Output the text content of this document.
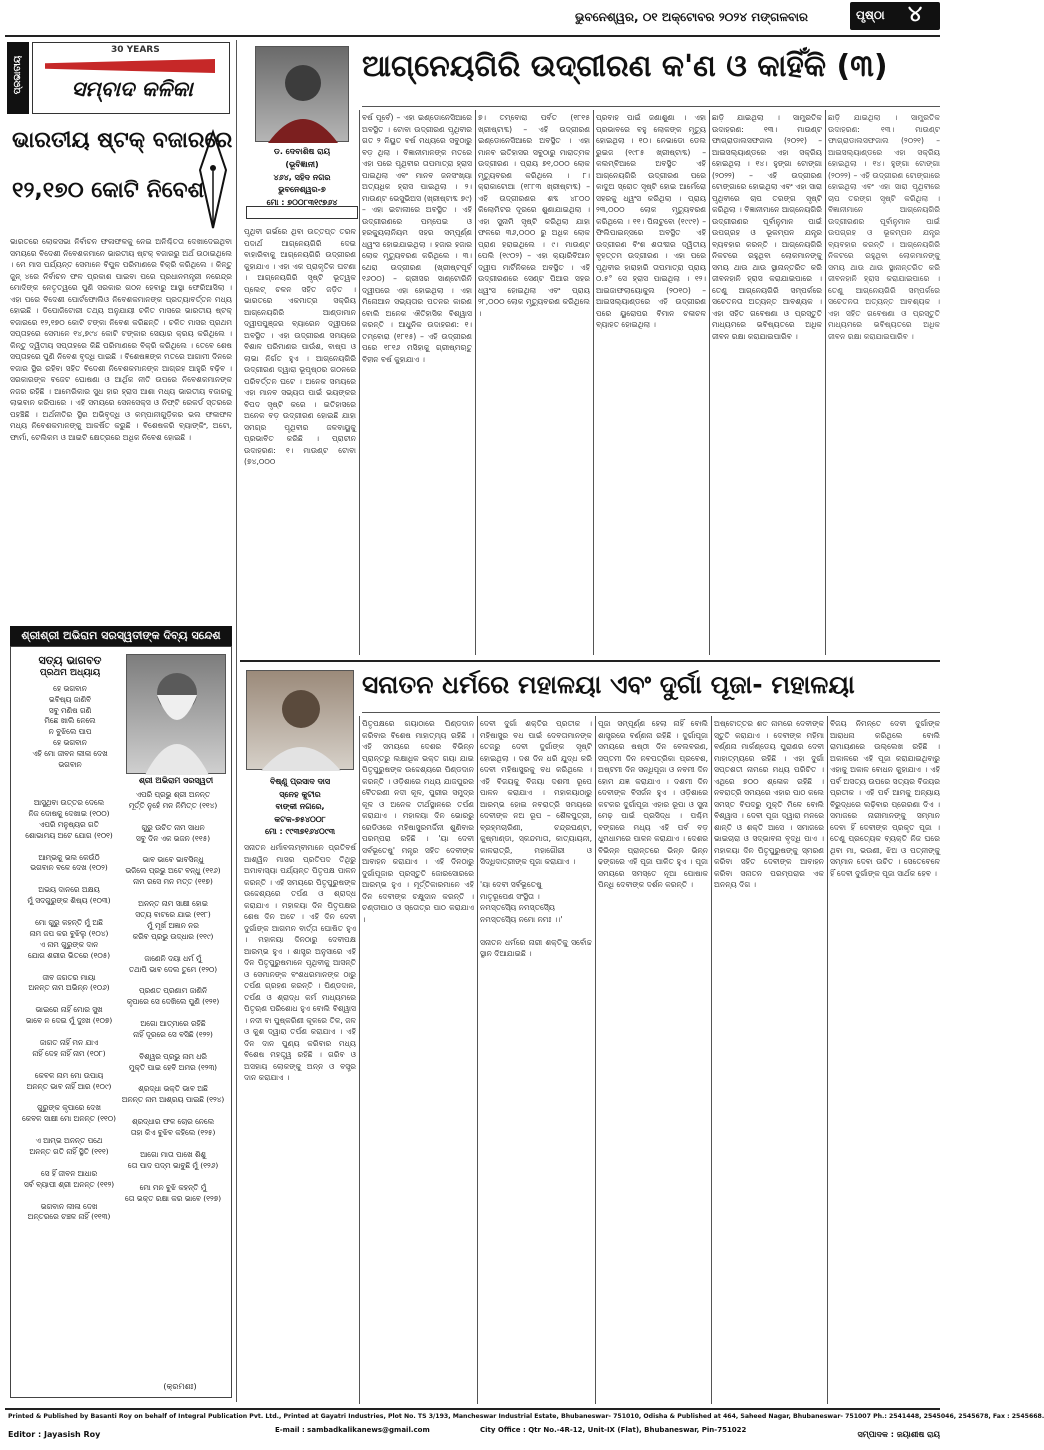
ଭୁବନେଶ୍ୱର, ୦୧ ଅକ୍ଟୋବର ୨୦୨୪ ମଙ୍ଗଳବାର	ପୃଷ୍ଠା ୪
ପ୍ରଭାତୀୟ
30 YEARS
ସମ୍ବାଦ କଳିକା
ଭାରତୀୟ ଷ୍ଟକ୍ ବଜାରରେ
୧୨,୧୭୦ କୋଟି ନିବେଶ
ଭାରତରେ ଲୋକସଭା ନିର୍ବାଚନ ଫଳାଫଳକୁ ନେଇ ଅନିଶ୍ଚିତତା ଦେଖାଦେଇଥିବା ସମୟରେ ବିଦେଶୀ ନିବେଶକମାନେ ଭାରତୀୟ ଷ୍ଟକ୍ ବଜାରରୁ ଅର୍ଥ ଉଠାଇଥିଲେ । ମେ ମାସ ପର୍ଯ୍ୟନ୍ତ ସେମାନେ ବିପୁଳ ପରିମାଣରେ ବିକ୍ରି କରିଥିଲେ । କିନ୍ତୁ ଜୁନ୍ ୪ରେ ନିର୍ବାଚନ ଫଳ ପ୍ରକାଶ ପାଇବା ପରେ ପ୍ରଧାନମନ୍ତ୍ରୀ ନରେନ୍ଦ୍ର ମୋଦିଙ୍କ ନେତୃତ୍ୱରେ ପୁଣି ସରକାର ଗଠନ ହେବାରୁ ଆସ୍ଥା ଫେରିଆସିଲା । ଏହା ପରେ ବିଦେଶୀ ପୋର୍ଟଫୋଲିଓ ନିବେଶକମାନଙ୍କ ପ୍ରତ୍ୟାବର୍ତ୍ତନ ମଧ୍ୟ ହୋଇଛି । ଡିପୋଜିଟୋରୀ ତଥ୍ୟ ଅନୁଯାୟୀ ଚଳିତ ମାସରେ ଭାରତୀୟ ଷ୍ଟକ୍ ବଜାରରେ ୧୨,୧୭୦ କୋଟି ଟଙ୍କା ନିବେଶ କରିଛନ୍ତି । ଚଳିତ ମାସର ପ୍ରଥମ ସପ୍ତାହରେ ସେମାନେ ୧୪,୭୯୪ କୋଟି ଟଙ୍କାର ସେୟାର କ୍ରୟ କରିଥିଲେ । କିନ୍ତୁ ଦ୍ୱିତୀୟ ସପ୍ତାହରେ କିଛି ପରିମାଣରେ ବିକ୍ରି କରିଥିଲେ । ତେବେ ଶେଷ ସପ୍ତାହରେ ପୁଣି ନିବେଶ ବୃଦ୍ଧି ପାଇଛି । ବିଶେଷଜ୍ଞଙ୍କ ମତରେ ଆଗାମୀ ଦିନରେ ବଜାର ସ୍ଥିର ରହିବା ସହିତ ବିଦେଶୀ ନିବେଶକମାନଙ୍କ ଆଗ୍ରହ ଆହୁରି ବଢ଼ିବ । ସରକାରଙ୍କ ବଜେଟ ଘୋଷଣା ଓ ଆର୍ଥିକ ନୀତି ଉପରେ ନିବେଶକମାନଙ୍କ ନଜର ରହିଛି । ଆମେରିକାର ସୁଧ ହାର ହ୍ରାସ ଆଶା ମଧ୍ୟ ଭାରତୀୟ ବଜାରକୁ ଲାଭବାନ କରିପାରେ । ଏହି ସମୟରେ ସେନସେକ୍ସ ଓ ନିଫ୍ଟି ରେକର୍ଡ ସ୍ତରରେ ପହଞ୍ଚିଛି । ଅର୍ଥନୀତିର ସ୍ଥିର ଅଭିବୃଦ୍ଧି ଓ କମ୍ପାନୀଗୁଡ଼ିକର ଭଲ ଫଳାଫଳ ମଧ୍ୟ ନିବେଶକମାନଙ୍କୁ ଆକର୍ଷିତ କରୁଛି । ବିଶେଷକରି ବ୍ୟାଙ୍କିଂ, ଅଟୋ, ଫାର୍ମା, ଟେଲିକମ ଓ ଆଇଟି କ୍ଷେତ୍ରରେ ଅଧିକ ନିବେଶ ହୋଇଛି ।
ଶ୍ରୀଶ୍ରୀ ଅଭିରାମ ସରସ୍ୱତୀଙ୍କ ଦିବ୍ୟ ସନ୍ଦେଶ
ସତ୍ୟ ଭାଗବତ
ପ୍ରଥମ ଅଧ୍ୟାୟ
ହେ ଭଗବାନ
ଭବିଷ୍ୟ ଜାଣିବି
ସବୁ ମଣିଷ ଗଣି
ମିଛେ ଖାଲି ନେଲେ
ନ ବୁଝିଲେ ପାପ
ହେ ଭଗବାନ
ଏହି ମୋ ଜୀବନ ଲୀଳା ଦେଖ
ଭଗବାନ
ଶ୍ରୀ ଅଭିରାମ ସରସ୍ୱତୀ
ଆସୁଥିବା ଉତ୍ତର ଦେଲେ
ନିଜ ଦୋଷକୁ ଦେଖାଇ (୧୦୦)
ଏପରି ମନୁଷ୍ୟର ଗତି
ଶୋଭାମୟ ଅଟେ ଯୋଗ (୧୦୧)

ଆମ୍ଭକୁ ଭଲ କେଉଁଠି
ଭଗବାନ ବଳେ ଦେଖ (୧୦୨)

ଅଭୟ ଦାନରେ ଅକ୍ଷୟ
ମୁଁ ସଦଗୁରୁଙ୍କ ଶିଷ୍ୟ (୧୦୩)

ମୋ ଗୁରୁ କହନ୍ତି ମୁଁ ଅଛି
ନାମ ଜପ କର ବୁଝିଲୁ (୧୦୪)
ଏ ନାମ ଗୁରୁଙ୍କ ଦାନ
ଯୋଗ ଶରୀର ଭିତରେ (୧୦୫)

ଜୀବ ଜଗତର ମାୟା
ଅନନ୍ତ ନାମ ଅଭିନ୍ନ (୧୦୬)

ଭାଇରେ ନାହିଁ ମୋର ସୁଖ
ଭାବେ ନ ଦେଇ ମୁଁ ଦୁଃଖ (୧୦୭)

ଜାଗତ ନାହିଁ ମନ ଯାଏ
ନାହିଁ ଦେହ ନାହିଁ ନାମ (୧୦୮)

କେବଳ ନାମ ମୋ ଉପାୟ
ଅନନ୍ତ ଭାବ ନାହିଁ ଆର (୧୦୯)

ଗୁରୁଙ୍କ କୃପାରେ ଦେଖ
କେବଳ ସାକ୍ଷୀ ମୋ ଅନନ୍ତ (୧୧୦)

ଏ ଆମ୍ଭ ଅନନ୍ତ ପଥେ
ଅନନ୍ତ ଗତି ନାହିଁ ସ୍ଥିତି (୧୧୧)

ସେ ହିଁ ଜୀବନ ଆଧାର
ସର୍ବ ବ୍ୟାପୀ ଶ୍ରୀ ଅନନ୍ତ (୧୧୨)

ଭଗବାନ ଲୀଳା ଦେଖ
ଅନ୍ତରରେ ଚଞ୍ଚଳ ନାହିଁ (୧୧୩)
ଏପରି ପ୍ରଭୁ ଶ୍ରୀ ଅନନ୍ତ
ମୂର୍ତ୍ତି ନୁହେଁ ମନ ନିମିତ୍ତ (୧୧୪)

ଗୁରୁ ଉଚିତ ନାମ ସାଧନ
ସବୁ ଦିନ ଏକ ଭଜନ (୧୧୫)

ଭାବ ଭାବେ ଭାବସିନ୍ଧୁ
ଭଜିଲେ ପ୍ରଭୁ ଅଟେ ବନ୍ଧୁ (୧୧୬)
ନାମ ରସେ ମନ ମତ୍ତ (୧୧୭)

ଅନନ୍ତ ନାମ ସାକ୍ଷୀ ହୋଇ
ସତ୍ୟ ବାଟରେ ଯାଇ (୧୧୮)
ମୁଁ ମୂର୍ଖ ଅଜ୍ଞାନ ନର
କରିବ ପ୍ରଭୁ ଉଦ୍ଧାର (୧୧୯)

ଜାଣେନି ଦୟା ଧର୍ମ ମୁଁ
ତଥାପି ଭାବ ଦେଲ ତୁମେ (୧୨୦)

ପ୍ରଣତ ପ୍ରଣାମ ଜାଣିନି
କୃପାରେ ସେ ଦେଖିଲେ ପୁଣି (୧୨୧)

ଅଗୋ ଆତ୍ମାରେ ରହିଛି
ନାହିଁ ଦୂରରେ ସେ ବସିଛି (୧୨୨)

ବିଶ୍ୱର ପ୍ରଭୁ ନାମ ଧରି
ମୁକ୍ତି ପାଇ ହେବି ଅମର (୧୨୩)

ଶ୍ରଦ୍ଧା ଭକ୍ତି ଭାବ ଅଛି
ଅନନ୍ତ ନାମ ଆଶ୍ରୟ ପାଇଛି (୧୨୪)

ଶ୍ରଦ୍ଧାର ଫଳ ଚୋର ନେଲେ
ତାହା କିଏ ବୁଝିବ କହିଲେ (୧୨୫)

ଆଗୋ ମାତା ପାଖେ ଶିଶୁ
ତୋ ପାଦ ପଦ୍ମ ଭାବୁଛି ମୁଁ (୧୨୬)

ମୋ ମନ ବୁଝି କହନ୍ତି ମୁଁ
ତୋ ଭକ୍ତ ରକ୍ଷା କର ଭାବେ (୧୨୭)
(କ୍ରମଶଃ)
ଡ. ଦେବାଶିଷ ରାୟ
(ଭୂବିଜ୍ଞାନୀ)
୪୬୪, ସହିଦ ନଗର
ଭୁବନେଶ୍ୱର-୭
ମୋ : ୭୦୦୮୩୧୯୭୬୪
ଆଗ୍ନେୟଗିରି ଉଦ୍‌ଗୀରଣ କ'ଣ ଓ କାହିଁକି (୩)
ପୃଥିବୀ ଗର୍ଭରେ ଥିବା ଉତ୍ତପ୍ତ ତରଳ ପଦାର୍ଥ ଆଗ୍ନେୟଗିରି ଦେଇ ବାହାରିବାକୁ ଆଗ୍ନେୟଗିରି ଉଦ୍‌ଗୀରଣ କୁହାଯାଏ । ଏହା ଏକ ପ୍ରାକୃତିକ ଘଟଣା । ଆଗ୍ନେୟଗିରି ସୃଷ୍ଟି ଭୂତ୍ୱକ ପ୍ଲେଟ୍ ଚଳନ ସହିତ ଜଡ଼ିତ । ଭାରତରେ ଏକମାତ୍ର ସକ୍ରିୟ ଆଗ୍ନେୟଗିରି ଆଣ୍ଡାମାନ ଦ୍ୱୀପପୁଞ୍ଜର ବ୍ୟାରେନ ଦ୍ୱୀପରେ ଅବସ୍ଥିତ । ଏହା ଉଦ୍‌ଗୀରଣ ସମୟରେ ବିଶାଳ ପରିମାଣର ପାଉଁଶ, ବାଷ୍ପ ଓ ଲାଭା ନିର୍ଗତ ହୁଏ । ଆଗ୍ନେୟଗିରି ଉଦ୍‌ଗୀରଣ ଦ୍ୱାରା ଭୂପୃଷ୍ଠର ଗଠନରେ ପରିବର୍ତ୍ତନ ଘଟେ । ଅନେକ ସମୟରେ ଏହା ମାନବ ସଭ୍ୟତା ପାଇଁ ଭୟଙ୍କର ବିପଦ ସୃଷ୍ଟି କରେ । ଇତିହାସରେ ଅନେକ ବଡ଼ ଉଦ୍‌ଗୀରଣ ହୋଇଛି ଯାହା ସମଗ୍ର ପୃଥିବୀର ଜଳବାୟୁକୁ ପ୍ରଭାବିତ କରିଛି । ପ୍ରାଚୀନ ଉଦାହରଣ: ୧। ମାଉଣ୍ଟ ଟୋବା (୭୪,୦୦୦
ବର୍ଷ ପୂର୍ବେ) – ଏହା ଇଣ୍ଡୋନେସିଆରେ ଅବସ୍ଥିତ । ଟୋବା ଉଦ୍‌ଗୀରଣ ପୃଥିବୀର ଗତ ୨ ନିୟୁତ ବର୍ଷ ମଧ୍ୟରେ ସବୁଠାରୁ ବଡ଼ ଥିଲା । ବିଜ୍ଞାନୀମାନଙ୍କ ମତରେ ଏହା ପରେ ପୃଥିବୀର ତାପମାତ୍ରା ହ୍ରାସ ପାଇଥିଲା ଏବଂ ମାନବ ଜନସଂଖ୍ୟା ଅତ୍ୟଧିକ ହ୍ରାସ ପାଇଥିଲା । ୨। ମାଉଣ୍ଟ ଭେସୁଭିଅସ (ଖ୍ରୀଷ୍ଟାବ୍ଦ ୭୯) – ଏହା ଇଟାଲୀରେ ଅବସ୍ଥିତ । ଏହି ଉଦ୍‌ଗୀରଣରେ ପମ୍ପେଇ ଓ ହରକ୍ୟୁଲାନିୟମ ସହର ସମ୍ପୂର୍ଣ୍ଣ ଧ୍ୱଂସ ହୋଇଯାଇଥିଲା । ହଜାର ହଜାର ଲୋକ ମୃତ୍ୟୁବରଣ କରିଥିଲେ । ୩। ଥେରା ଉଦ୍‌ଗୀରଣ (ଖ୍ରୀଷ୍ଟପୂର୍ବ ୧୬୦୦) – ଗ୍ରୀସର ସାଣ୍ଟୋରିନି ଦ୍ୱୀପରେ ଏହା ହୋଇଥିଲା । ଏହା ମିନୋଆନ ସଭ୍ୟତାର ପତନର କାରଣ ବୋଲି ଅନେକ ଐତିହାସିକ ବିଶ୍ୱାସ କରନ୍ତି । ଆଧୁନିକ ଉଦାହରଣ: ୧। ତମ୍ବୋରା (୧୮୧୫) – ଏହି ଉଦ୍‌ଗୀରଣ ପରେ ୧୮୧୬ ମସିହାକୁ ଗ୍ରୀଷ୍ମଋତୁ ବିହୀନ ବର୍ଷ କୁହାଯାଏ ।
୭। ତମ୍ବୋରା ପର୍ବତ (୧୮୧୫ ଖ୍ରୀଷ୍ଟାବ୍ଦ) – ଏହି ଉଦ୍‌ଗୀରଣ ଇଣ୍ଡୋନେସିଆରେ ଅବସ୍ଥିତ । ଏହା ମାନବ ଇତିହାସର ସବୁଠାରୁ ମାରାତ୍ମକ ଉଦ୍‌ଗୀରଣ । ପ୍ରାୟ ୭୧,୦୦୦ ଲୋକ ମୃତ୍ୟୁବରଣ କରିଥିଲେ । ୮। କ୍ରାକାଟୋଆ (୧୮୮୩ ଖ୍ରୀଷ୍ଟାବ୍ଦ) – ଏହି ଉଦ୍‌ଗୀରଣର ଶବ୍ଦ ୪୮୦୦ କିଲୋମିଟର ଦୂରରେ ଶୁଣାଯାଇଥିଲା । ଏହା ସୁନାମି ସୃଷ୍ଟି କରିଥିଲା ଯାହା ଫଳରେ ୩୬,୦୦୦ ରୁ ଅଧିକ ଲୋକ ପ୍ରାଣ ହରାଇଥିଲେ । ୯। ମାଉଣ୍ଟ ପେଲି (୧୯୦୨) – ଏହା କ୍ୟାରିବିଆନ ଦ୍ୱୀପ ମାର୍ଟିନିକରେ ଅବସ୍ଥିତ । ଏହି ଉଦ୍‌ଗୀରଣରେ ସେଣ୍ଟ ପିଆର ସହର ଧ୍ୱଂସ ହୋଇଥିଲା ଏବଂ ପ୍ରାୟ ୨୮,୦୦୦ ଲୋକ ମୃତ୍ୟୁବରଣ କରିଥିଲେ ।
ପ୍ରବାହ ପାଇଁ ଜଣାଶୁଣା । ଏହା ପ୍ରଭାବରେ ବହୁ ଲୋକଙ୍କ ମୃତ୍ୟୁ ହୋଇଥିଲା । ୧୦। ନେଭାଡୋ ଡେଲ ରୁଇଜ (୧୯୮୫ ଖ୍ରୀଷ୍ଟାବ୍ଦ) – କଲମ୍ବିଆରେ ଅବସ୍ଥିତ ଏହି ଆଗ୍ନେୟଗିରି ଉଦ୍‌ଗୀରଣ ପରେ କାଦୁଅ ସ୍ରୋତ ସୃଷ୍ଟି ହୋଇ ଆର୍ମେରୋ ସହରକୁ ଧ୍ୱଂସ କରିଥିଲା । ପ୍ରାୟ ୨୩,୦୦୦ ଲୋକ ମୃତ୍ୟୁବରଣ କରିଥିଲେ । ୧୧। ପିନାଟୁବୋ (୧୯୯୧) – ଫିଲିପାଇନ୍ସରେ ଅବସ୍ଥିତ ଏହି ଉଦ୍‌ଗୀରଣ ବିଂଶ ଶତାବ୍ଦୀର ଦ୍ୱିତୀୟ ବୃହତ୍ତମ ଉଦ୍‌ଗୀରଣ । ଏହା ପରେ ପୃଥିବୀର ହାରାହାରି ତାପମାତ୍ରା ପ୍ରାୟ ୦.୫° ସେ ହ୍ରାସ ପାଇଥିଲା । ୧୨। ଆଇଜାଫଲାୟୋକୁଲ (୨୦୧୦) – ଆଇସଲ୍ୟାଣ୍ଡରେ ଏହି ଉଦ୍‌ଗୀରଣ ପରେ ୟୁରୋପର ବିମାନ ଚଳାଚଳ ବ୍ୟାହତ ହୋଇଥିଲା ।
ଛାଡ଼ି ଯାଇଥିଲା । ସାମ୍ପ୍ରତିକ ଉଦାହରଣ: ୧୩। ମାଉଣ୍ଟ ଫାଗ୍ରାଡାଲସଫଜାଲ (୨୦୨୧) – ଆଇସଲ୍ୟାଣ୍ଡରେ ଏହା ସକ୍ରିୟ ହୋଇଥିଲା । ୧୪। ହୁଙ୍ଗା ଟୋଙ୍ଗା (୨୦୨୨) – ଏହି ଉଦ୍‌ଗୀରଣ ଟୋଙ୍ଗାରେ ହୋଇଥିଲା ଏବଂ ଏହା ସାରା ପୃଥିବୀରେ ଚାପ ତରଙ୍ଗ ସୃଷ୍ଟି କରିଥିଲା । ବିଜ୍ଞାନୀମାନେ ଆଗ୍ନେୟଗିରି ଉଦ୍‌ଗୀରଣର ପୂର୍ବାନୁମାନ ପାଇଁ ଉପଗ୍ରହ ଓ ଭୂକମ୍ପନ ଯନ୍ତ୍ର ବ୍ୟବହାର କରନ୍ତି । ଆଗ୍ନେୟଗିରି ନିକଟରେ ରହୁଥିବା ଲୋକମାନଙ୍କୁ ସମୟ ଥାଉ ଥାଉ ସ୍ଥାନାନ୍ତରିତ କରି ଜୀବନହାନି ହ୍ରାସ କରାଯାଇପାରେ । ତେଣୁ ଆଗ୍ନେୟଗିରି ସମ୍ପର୍କରେ ସଚେତନତା ଅତ୍ୟନ୍ତ ଆବଶ୍ୟକ । ଏହା ସହିତ ଗବେଷଣା ଓ ପ୍ରସ୍ତୁତି ମାଧ୍ୟମରେ ଭବିଷ୍ୟତରେ ଅଧିକ ଜୀବନ ରକ୍ଷା କରାଯାଇପାରିବ ।
ଛାଡ଼ି ଯାଇଥିଲା । ସାମ୍ପ୍ରତିକ ଉଦାହରଣ: ୧୩। ମାଉଣ୍ଟ ଫାଗ୍ରାଡାଲସଫଜାଲ (୨୦୨୧) – ଆଇସଲ୍ୟାଣ୍ଡରେ ଏହା ସକ୍ରିୟ ହୋଇଥିଲା । ୧୪। ହୁଙ୍ଗା ଟୋଙ୍ଗା (୨୦୨୨) – ଏହି ଉଦ୍‌ଗୀରଣ ଟୋଙ୍ଗାରେ ହୋଇଥିଲା ଏବଂ ଏହା ସାରା ପୃଥିବୀରେ ଚାପ ତରଙ୍ଗ ସୃଷ୍ଟି କରିଥିଲା । ବିଜ୍ଞାନୀମାନେ ଆଗ୍ନେୟଗିରି ଉଦ୍‌ଗୀରଣର ପୂର୍ବାନୁମାନ ପାଇଁ ଉପଗ୍ରହ ଓ ଭୂକମ୍ପନ ଯନ୍ତ୍ର ବ୍ୟବହାର କରନ୍ତି । ଆଗ୍ନେୟଗିରି ନିକଟରେ ରହୁଥିବା ଲୋକମାନଙ୍କୁ ସମୟ ଥାଉ ଥାଉ ସ୍ଥାନାନ୍ତରିତ କରି ଜୀବନହାନି ହ୍ରାସ କରାଯାଇପାରେ । ତେଣୁ ଆଗ୍ନେୟଗିରି ସମ୍ପର୍କରେ ସଚେତନତା ଅତ୍ୟନ୍ତ ଆବଶ୍ୟକ । ଏହା ସହିତ ଗବେଷଣା ଓ ପ୍ରସ୍ତୁତି ମାଧ୍ୟମରେ ଭବିଷ୍ୟତରେ ଅଧିକ ଜୀବନ ରକ୍ଷା କରାଯାଇପାରିବ ।
ସନାତନ ଧର୍ମରେ ମହାଳୟା ଏବଂ ଦୁର୍ଗା ପୂଜା- ମହାଳୟା
ବିଷ୍ଣୁ ପ୍ରସାଦ ଦାସ
ସ୍ନେହ କୁଟୀର
ବାଙ୍କୀ ନଗରେ,
କଟକ-୭୫୪୦୦୮
ମୋ : ୯୯୩୭୧୬୪୦୯୩
ସନାତନ ଧର୍ମାବଲମ୍ବୀମାନେ ପ୍ରତିବର୍ଷ ଆଶ୍ୱିନ ମାସର ପ୍ରତିପଦ ତିଥିରୁ ଅମାବାସ୍ୟା ପର୍ଯ୍ୟନ୍ତ ପିତୃପକ୍ଷ ପାଳନ କରନ୍ତି । ଏହି ସମୟରେ ପିତୃପୁରୁଷଙ୍କ ଉଦ୍ଦେଶ୍ୟରେ ତର୍ପଣ ଓ ଶ୍ରାଦ୍ଧ କରାଯାଏ । ମହାଳୟା ଦିନ ପିତୃପକ୍ଷର ଶେଷ ଦିନ ଅଟେ । ଏହି ଦିନ ଦେବୀ ଦୁର୍ଗାଙ୍କ ଆଗମନ ବାର୍ତ୍ତା ଘୋଷିତ ହୁଏ । ମହାଳୟା ଦିନଠାରୁ ଦେବୀପକ୍ଷ ଆରମ୍ଭ ହୁଏ । ଶାସ୍ତ୍ର ଅନୁସାରେ ଏହି ଦିନ ପିତୃପୁରୁଷମାନେ ପୃଥିବୀକୁ ଆସନ୍ତି ଓ ସେମାନଙ୍କ ବଂଶଧରମାନଙ୍କ ଠାରୁ ତର୍ପଣ ଗ୍ରହଣ କରନ୍ତି । ପିଣ୍ଡଦାନ, ତର୍ପଣ ଓ ଶ୍ରାଦ୍ଧ କର୍ମ ମାଧ୍ୟମରେ ପିତୃଋଣ ପରିଶୋଧ ହୁଏ ବୋଲି ବିଶ୍ୱାସ । ନଦୀ ବା ପୁଷ୍କରିଣୀ କୂଳରେ ତିଳ, ଜଳ ଓ କୁଶ ଦ୍ୱାରା ତର୍ପଣ କରାଯାଏ । ଏହି ଦିନ ଦାନ ପୁଣ୍ୟ କରିବାର ମଧ୍ୟ ବିଶେଷ ମହତ୍ତ୍ୱ ରହିଛି । ଗରିବ ଓ ଅସହାୟ ଲୋକଙ୍କୁ ଅନ୍ନ ଓ ବସ୍ତ୍ର ଦାନ କରାଯାଏ ।
ପିତୃପକ୍ଷରେ ଗୟାଠାରେ ପିଣ୍ଡଦାନ କରିବାର ବିଶେଷ ମାହାତ୍ମ୍ୟ ରହିଛି । ଏହି ସମୟରେ ଦେଶର ବିଭିନ୍ନ ପ୍ରାନ୍ତରୁ ଲକ୍ଷାଧିକ ଭକ୍ତ ଗୟା ଯାଇ ପିତୃପୁରୁଷଙ୍କ ଉଦ୍ଦେଶ୍ୟରେ ପିଣ୍ଡଦାନ କରନ୍ତି । ଓଡ଼ିଶାରେ ମଧ୍ୟ ଯାଜପୁରର ବୈତରଣୀ ନଦୀ କୂଳ, ପୁରୀର ସମୁଦ୍ର କୂଳ ଓ ଅନେକ ତୀର୍ଥସ୍ଥାନରେ ତର୍ପଣ କରାଯାଏ । ମହାଳୟା ଦିନ ଭୋରରୁ ରେଡିଓରେ ମହିଷାସୁରମର୍ଦ୍ଦିନୀ ଶୁଣିବାର ପରମ୍ପରା ରହିଛି । 'ୟା ଦେବୀ ସର୍ବଭୂତେଷୁ' ମନ୍ତ୍ର ସହିତ ଦେବୀଙ୍କ ଆବାହନ କରାଯାଏ । ଏହି ଦିନଠାରୁ ଦୁର୍ଗାପୂଜାର ପ୍ରସ୍ତୁତି ଜୋରସୋରରେ ଆରମ୍ଭ ହୁଏ । ମୂର୍ତ୍ତିକାରମାନେ ଏହି ଦିନ ଦେବୀଙ୍କ ଚକ୍ଷୁଦାନ କରନ୍ତି । ଚଣ୍ଡୀପାଠ ଓ ସ୍ତୋତ୍ର ପାଠ କରାଯାଏ ।
ଦେବୀ ଦୁର୍ଗା ଶକ୍ତିର ପ୍ରତୀକ । ମହିଷାସୁର ବଧ ପାଇଁ ଦେବତାମାନଙ୍କ ତେଜରୁ ଦେବୀ ଦୁର୍ଗାଙ୍କ ସୃଷ୍ଟି ହୋଇଥିଲା । ଦଶ ଦିନ ଧରି ଯୁଦ୍ଧ କରି ଦେବୀ ମହିଷାସୁରକୁ ବଧ କରିଥିଲେ । ଏହି ବିଜୟକୁ ବିଜୟା ଦଶମୀ ରୂପେ ପାଳନ କରାଯାଏ । ମହାଳୟାଠାରୁ ଆରମ୍ଭ ହୋଇ ନବରାତ୍ରି ସମୟରେ ଦେବୀଙ୍କ ନଅ ରୂପ – ଶୈଳପୁତ୍ରୀ, ବ୍ରହ୍ମଚାରିଣୀ, ଚନ୍ଦ୍ରଘଣ୍ଟା, କୁଷ୍ମାଣ୍ଡା, ସ୍କନ୍ଦମାତା, କାତ୍ୟାୟନୀ, କାଳରାତ୍ରି, ମହାଗୌରୀ ଓ ସିଦ୍ଧିଦାତ୍ରୀଙ୍କ ପୂଜା କରାଯାଏ ।

'ୟା ଦେବୀ ସର୍ବଭୂତେଷୁ
ମାତୃରୂପେଣ ସଂସ୍ଥିତା ।
ନମସ୍ତସ୍ୟୈ ନମସ୍ତସ୍ୟୈ
ନମସ୍ତସ୍ୟୈ ନମୋ ନମଃ ।।'

ସନାତନ ଧର୍ମରେ ନାରୀ ଶକ୍ତିକୁ ସର୍ବୋଚ୍ଚ ସ୍ଥାନ ଦିଆଯାଇଛି ।
ପୂଜା ସମ୍ପୂର୍ଣ୍ଣ ହେଲା ନାହିଁ ବୋଲି ଶାସ୍ତ୍ରରେ ବର୍ଣ୍ଣନା ରହିଛି । ଦୁର୍ଗାପୂଜା ସମୟରେ ଷଷ୍ଠୀ ଦିନ ବେଲବରଣ, ସପ୍ତମୀ ଦିନ ନବପତ୍ରିକା ପ୍ରବେଶ, ଅଷ୍ଟମୀ ଦିନ ସନ୍ଧିପୂଜା ଓ ନବମୀ ଦିନ ହୋମ ଯଜ୍ଞ କରାଯାଏ । ଦଶମୀ ଦିନ ଦେବୀଙ୍କ ବିସର୍ଜନ ହୁଏ । ଓଡ଼ିଶାରେ କଟକର ଦୁର୍ଗାପୂଜା ଏହାର ରୂପା ଓ ସୁନା ମେଢ଼ ପାଇଁ ପ୍ରସିଦ୍ଧ । ପଶ୍ଚିମ ବଙ୍ଗରେ ମଧ୍ୟ ଏହି ପର୍ବ ବଡ଼ ଧୁମଧାମରେ ପାଳନ କରାଯାଏ । ଦେଶର ବିଭିନ୍ନ ପ୍ରାନ୍ତରେ ଭିନ୍ନ ଭିନ୍ନ ଢଙ୍ଗରେ ଏହି ପୂଜା ପାଳିତ ହୁଏ । ପୂଜା ସମୟରେ ସମସ୍ତେ ନୂଆ ପୋଷାକ ପିନ୍ଧି ଦେବୀଙ୍କ ଦର୍ଶନ କରନ୍ତି ।
ଅଷ୍ଟୋତ୍ତର ଶତ ନାମରେ ଦେବୀଙ୍କ ସ୍ତୁତି କରାଯାଏ । ଦେବୀଙ୍କ ମହିମା ବର୍ଣ୍ଣନା ମାର୍କଣ୍ଡେୟ ପୁରାଣର ଦେବୀ ମାହାତ୍ମ୍ୟରେ ରହିଛି । ଏହା ଦୁର୍ଗା ସପ୍ତଶତୀ ନାମରେ ମଧ୍ୟ ପରିଚିତ । ଏଥିରେ ୭୦୦ ଶ୍ଳୋକ ରହିଛି । ନବରାତ୍ରି ସମୟରେ ଏହାର ପାଠ କଲେ ସମସ୍ତ ବିପଦରୁ ମୁକ୍ତି ମିଳେ ବୋଲି ବିଶ୍ୱାସ । ଦେବୀ ପୂଜା ଦ୍ୱାରା ମନରେ ଶାନ୍ତି ଓ ଶକ୍ତି ଆସେ । ସମାଜରେ ଭାଇଚାରା ଓ ସଦ୍‌ଭାବନା ବୃଦ୍ଧି ପାଏ । ମହାଳୟା ଦିନ ପିତୃପୁରୁଷଙ୍କୁ ସ୍ମରଣ କରିବା ସହିତ ଦେବୀଙ୍କ ଆବାହନ କରିବା ସନାତନ ପରମ୍ପରାର ଏକ ଅନନ୍ୟ ଦିଗ ।
ବିଜୟ ନିମନ୍ତେ ଦେବୀ ଦୁର୍ଗାଙ୍କ ଆରାଧନା କରିଥିଲେ ବୋଲି ରାମାୟଣରେ ଉଲ୍ଲେଖ ରହିଛି । ଅକାଳରେ ଏହି ପୂଜା କରାଯାଇଥିବାରୁ ଏହାକୁ ଅକାଳ ବୋଧନ କୁହାଯାଏ । ଏହି ପର୍ବ ଅସତ୍ୟ ଉପରେ ସତ୍ୟର ବିଜୟର ପ୍ରତୀକ । ଏହି ପର୍ବ ଆମକୁ ଅନ୍ୟାୟ ବିରୁଦ୍ଧରେ ଲଢ଼ିବାର ପ୍ରେରଣା ଦିଏ । ସମାଜରେ ନାରୀମାନଙ୍କୁ ସମ୍ମାନ ଦେବା ହିଁ ଦେବୀଙ୍କ ପ୍ରକୃତ ପୂଜା । ତେଣୁ ପ୍ରତ୍ୟେକ ବ୍ୟକ୍ତି ନିଜ ଘରେ ଥିବା ମା, ଭଉଣୀ, ଝିଅ ଓ ପତ୍ନୀଙ୍କୁ ସମ୍ମାନ ଦେବା ଉଚିତ । ସେତେବେଳେ ହିଁ ଦେବୀ ଦୁର୍ଗାଙ୍କ ପୂଜା ସାର୍ଥକ ହେବ ।
Printed & Published by Basanti Roy on behalf of Integral Publication Pvt. Ltd., Printed at Gayatri Industries, Plot No. TS 3/193, Mancheswar Industrial Estate, Bhubaneswar- 751010, Odisha & Published at 464, Saheed Nagar, Bhubaneswar- 751007 Ph.: 2541448, 2545046, 2545678, Fax : 2545668.
Editor : Jayasish Roy	E-mail : sambadkalikanews@gmail.com	City Office : Qtr No.-4R-12, Unit-IX (Flat), Bhubaneswar, Pin-751022	ସମ୍ପାଦକ : ଜୟାଶୀଷ ରାୟ
